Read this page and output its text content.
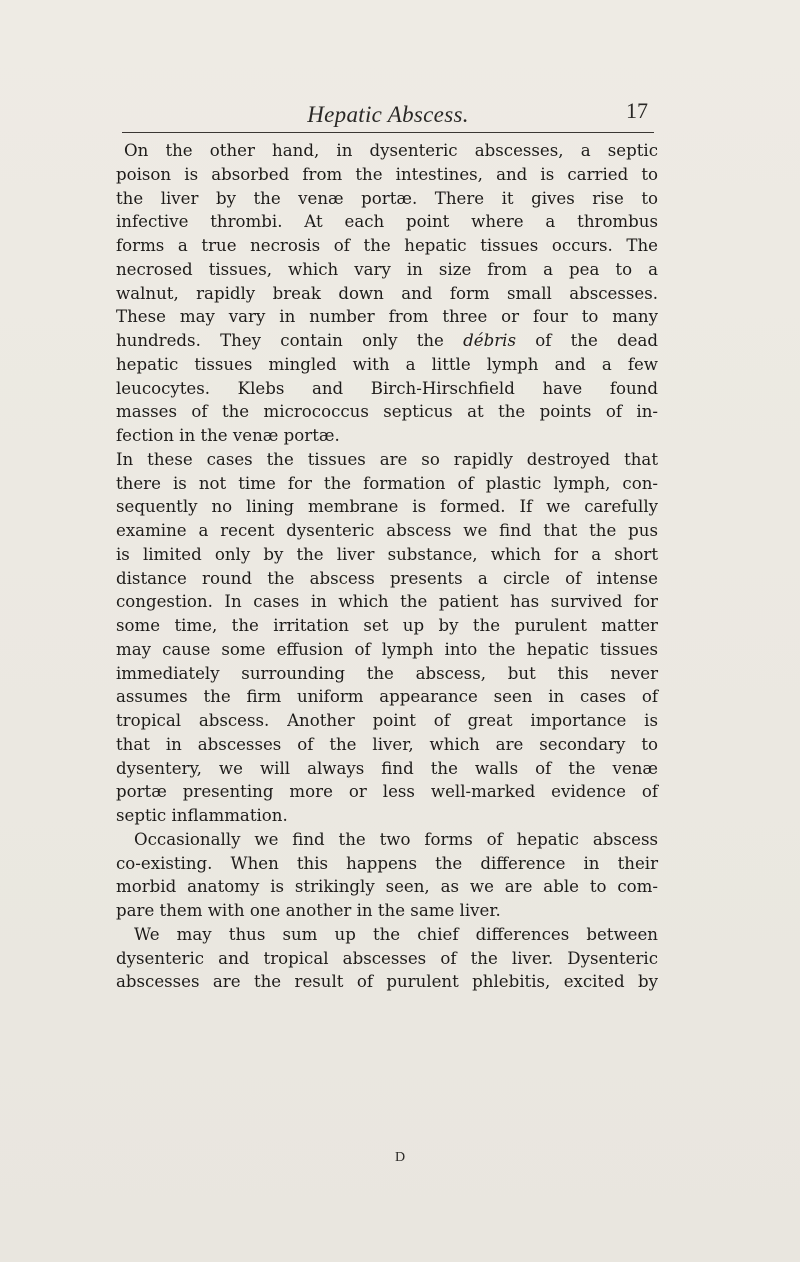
Hepatic Abscess.	17
On the other hand, in dysenteric abscesses, a septic
poison is absorbed from the intestines, and is carried to
the liver by the venæ portæ. There it gives rise to
infective thrombi. At each point where a thrombus
forms a true necrosis of the hepatic tissues occurs. The
necrosed tissues, which vary in size from a pea to a
walnut, rapidly break down and form small abscesses.
These may vary in number from three or four to many
hundreds. They contain only the débris of the dead
hepatic tissues mingled with a little lymph and a few
leucocytes. Klebs and Birch-Hirschfield have found
masses of the micrococcus septicus at the points of in-
fection in the venæ portæ.
In these cases the tissues are so rapidly destroyed that
there is not time for the formation of plastic lymph, con-
sequently no lining membrane is formed. If we carefully
examine a recent dysenteric abscess we find that the pus
is limited only by the liver substance, which for a short
distance round the abscess presents a circle of intense
congestion. In cases in which the patient has survived for
some time, the irritation set up by the purulent matter
may cause some effusion of lymph into the hepatic tissues
immediately surrounding the abscess, but this never
assumes the firm uniform appearance seen in cases of
tropical abscess. Another point of great importance is
that in abscesses of the liver, which are secondary to
dysentery, we will always find the walls of the venæ
portæ presenting more or less well-marked evidence of
septic inflammation.
Occasionally we find the two forms of hepatic abscess
co-existing. When this happens the difference in their
morbid anatomy is strikingly seen, as we are able to com-
pare them with one another in the same liver.
We may thus sum up the chief differences between
dysenteric and tropical abscesses of the liver. Dysenteric
abscesses are the result of purulent phlebitis, excited by
D
